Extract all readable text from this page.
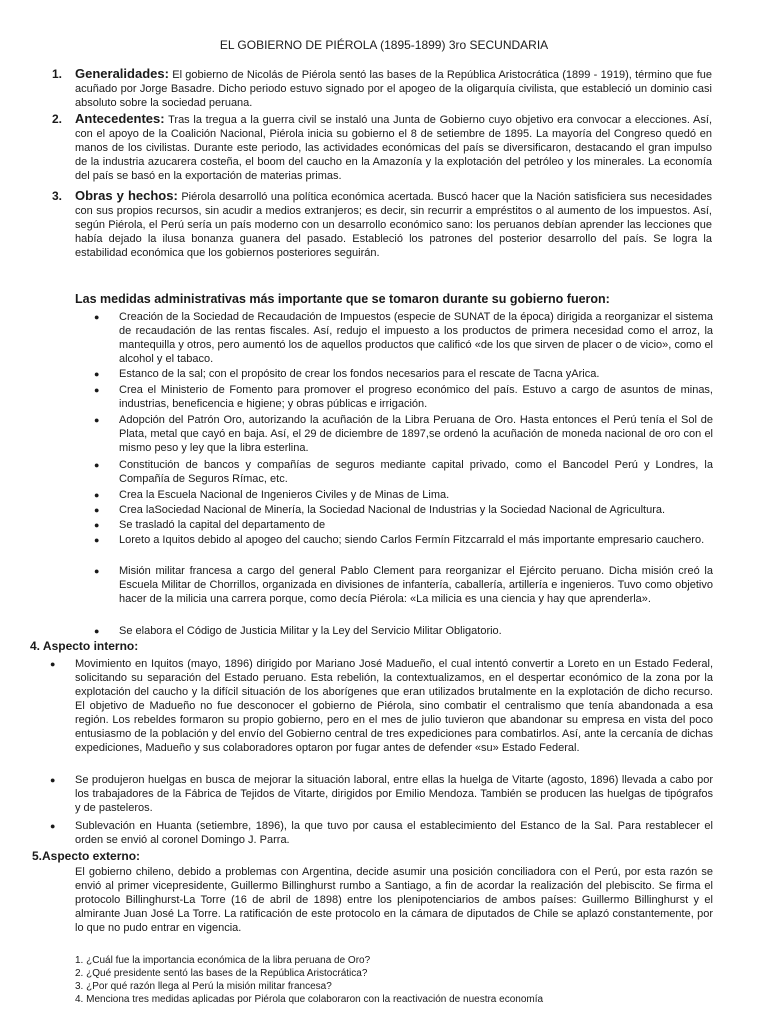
EL GOBIERNO DE PIÉROLA (1895-1899) 3ro SECUNDARIA
1. Generalidades: El gobierno de Nicolás de Piérola sentó las bases de la República Aristocrática (1899 - 1919), término que fue acuñado por Jorge Basadre. Dicho periodo estuvo signado por el apogeo de la oligarquía civilista, que estableció un dominio casi absoluto sobre la sociedad peruana.
2. Antecedentes: Tras la tregua a la guerra civil se instaló una Junta de Gobierno cuyo objetivo era convocar a elecciones. Así, con el apoyo de la Coalición Nacional, Piérola inicia su gobierno el 8 de setiembre de 1895. La mayoría del Congreso quedó en manos de los civilistas. Durante este periodo, las actividades económicas del país se diversificaron, destacando el gran impulso de la industria azucarera costeña, el boom del caucho en la Amazonía y la explotación del petróleo y los minerales. La economía del país se basó en la exportación de materias primas.
3. Obras y hechos: Piérola desarrolló una política económica acertada. Buscó hacer que la Nación satisficiera sus necesidades con sus propios recursos, sin acudir a medios extranjeros; es decir, sin recurrir a empréstitos o al aumento de los impuestos. Así, según Piérola, el Perú sería un país moderno con un desarrollo económico sano: los peruanos debían aprender las lecciones que había dejado la ilusa bonanza guanera del pasado. Estableció los patrones del posterior desarrollo del país. Se logra la estabilidad económica que los gobiernos posteriores seguirán.
Las medidas administrativas más importante que se tomaron durante su gobierno fueron:
● Creación de la Sociedad de Recaudación de Impuestos (especie de SUNAT de la época) dirigida a reorganizar el sistema de recaudación de las rentas fiscales. Así, redujo el impuesto a los productos de primera necesidad como el arroz, la mantequilla y otros, pero aumentó los de aquellos productos que calificó «de los que sirven de placer o de vicio», como el alcohol y el tabaco.
● Estanco de la sal; con el propósito de crear los fondos necesarios para el rescate de Tacna yArica.
● Crea el Ministerio de Fomento para promover el progreso económico del país. Estuvo a cargo de asuntos de minas, industrias, beneficencia e higiene; y obras públicas e irrigación.
● Adopción del Patrón Oro, autorizando la acuñación de la Libra Peruana de Oro. Hasta entonces el Perú tenía el Sol de Plata, metal que cayó en baja. Así, el 29 de diciembre de 1897,se ordenó la acuñación de moneda nacional de oro con el mismo peso y ley que la libra esterlina.
● Constitución de bancos y compañías de seguros mediante capital privado, como el Bancodel Perú y Londres, la Compañía de Seguros Rímac, etc.
● Crea la Escuela Nacional de Ingenieros Civiles y de Minas de Lima.
● Crea laSociedad Nacional de Minería, la Sociedad Nacional de Industrias y la Sociedad Nacional de Agricultura.
● Se trasladó la capital del departamento de
● Loreto a Iquitos debido al apogeo del caucho; siendo Carlos Fermín Fitzcarrald el más importante empresario cauchero.
● Misión militar francesa a cargo del general Pablo Clement para reorganizar el Ejército peruano. Dicha misión creó la Escuela Militar de Chorrillos, organizada en divisiones de infantería, caballería, artillería e ingenieros. Tuvo como objetivo hacer de la milicia una carrera porque, como decía Piérola: «La milicia es una ciencia y hay que aprenderla».
● Se elabora el Código de Justicia Militar y la Ley del Servicio Militar Obligatorio.
4. Aspecto interno:
● Movimiento en Iquitos (mayo, 1896) dirigido por Mariano José Madueño, el cual intentó convertir a Loreto en un Estado Federal, solicitando su separación del Estado peruano. Esta rebelión, la contextualizamos, en el despertar económico de la zona por la explotación del caucho y la difícil situación de los aborígenes que eran utilizados brutalmente en la explotación de dicho recurso. El objetivo de Madueño no fue desconocer el gobierno de Piérola, sino combatir el centralismo que tenía abandonada a esa región. Los rebeldes formaron su propio gobierno, pero en el mes de julio tuvieron que abandonar su empresa en vista del poco entusiasmo de la población y del envío del Gobierno central de tres expediciones para combatirlos. Así, ante la cercanía de dichas expediciones, Madueño y sus colaboradores optaron por fugar antes de defender «su» Estado Federal.
● Se produjeron huelgas en busca de mejorar la situación laboral, entre ellas la huelga de Vitarte (agosto, 1896) llevada a cabo por los trabajadores de la Fábrica de Tejidos de Vitarte, dirigidos por Emilio Mendoza. También se producen las huelgas de tipógrafos y de pasteleros.
● Sublevación en Huanta (setiembre, 1896), la que tuvo por causa el establecimiento del Estanco de la Sal. Para restablecer el orden se envió al coronel Domingo J. Parra.
5.Aspecto externo:
El gobierno chileno, debido a problemas con Argentina, decide asumir una posición conciliadora con el Perú, por esta razón se envió al primer vicepresidente, Guillermo Billinghurst rumbo a Santiago, a fin de acordar la realización del plebiscito. Se firma el protocolo Billinghurst-La Torre (16 de abril de 1898) entre los plenipotenciarios de ambos países: Guillermo Billinghurst y el almirante Juan José La Torre. La ratificación de este protocolo en la cámara de diputados de Chile se aplazó constantemente, por lo que no pudo entrar en vigencia.
1. ¿Cuál fue la importancia económica de la libra peruana de Oro?
2. ¿Qué presidente sentó las bases de la República Aristocrática?
3. ¿Por qué razón llega al Perú la misión militar francesa?
4. Menciona tres medidas aplicadas por Piérola que colaboraron con la reactivación de nuestra economía
